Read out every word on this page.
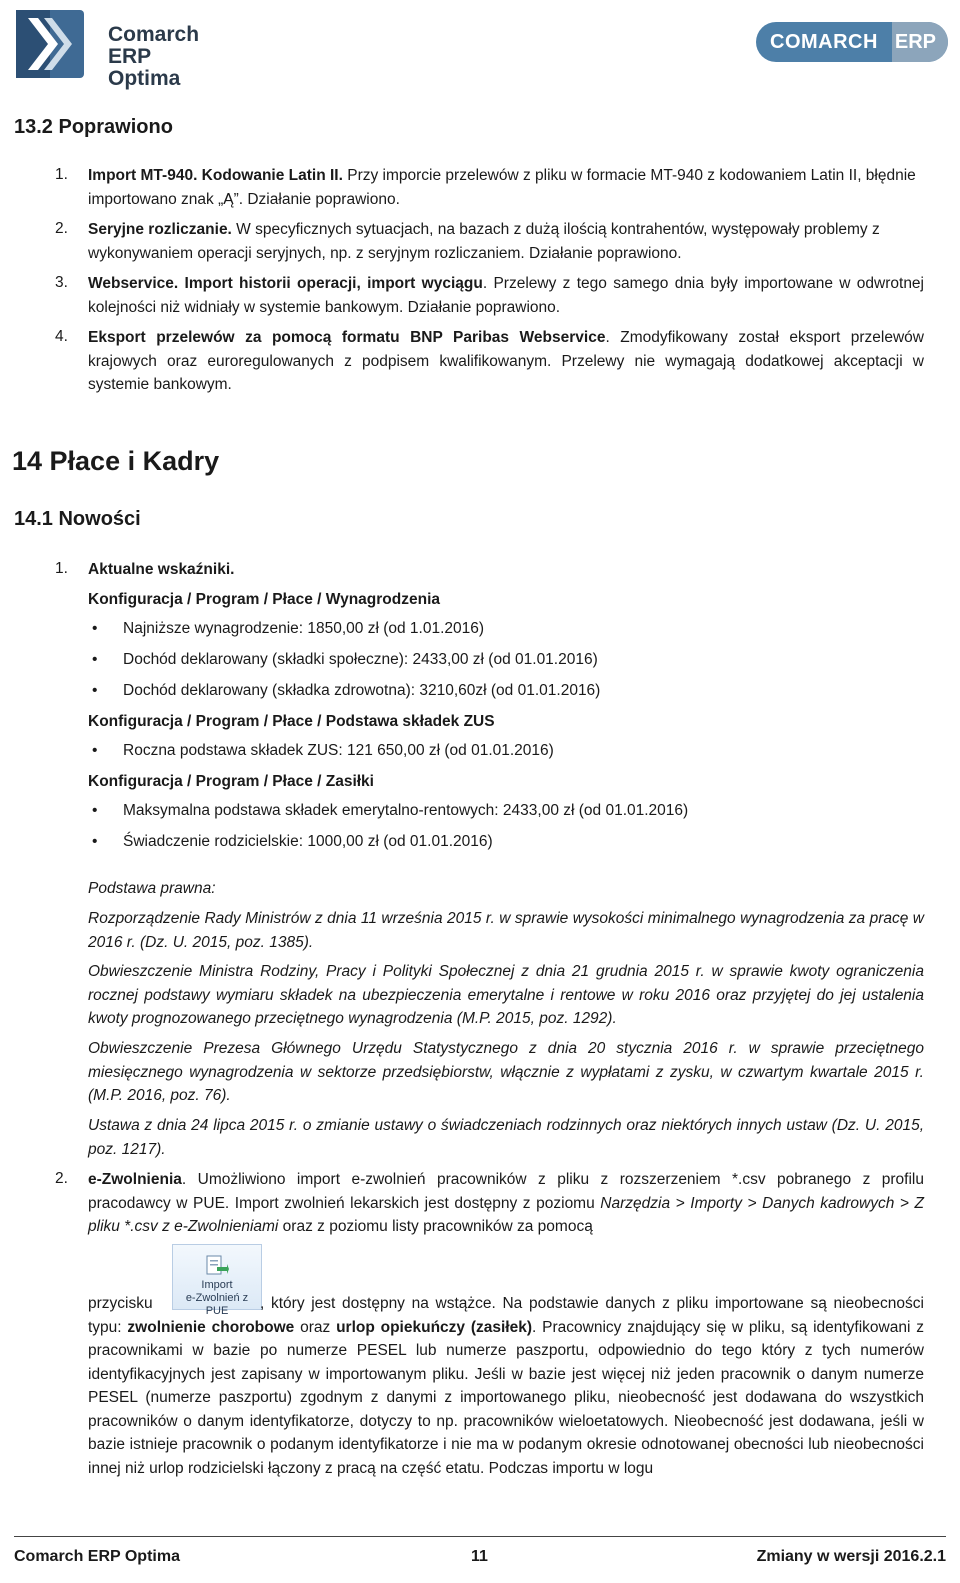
Comarch ERP
Optima
COMARCH ERP
13.2 Poprawiono
1. Import MT-940. Kodowanie Latin II. Przy imporcie przelewów z pliku w formacie MT-940 z kodowaniem Latin II, błędnie importowano znak „Ą”. Działanie poprawiono.
2. Seryjne rozliczanie. W specyficznych sytuacjach, na bazach z dużą ilością kontrahentów, występowały problemy z wykonywaniem operacji seryjnych, np. z seryjnym rozliczaniem. Działanie poprawiono.
3. Webservice. Import historii operacji, import wyciągu. Przelewy z tego samego dnia były importowane w odwrotnej kolejności niż widniały w systemie bankowym. Działanie poprawiono.
4. Eksport przelewów za pomocą formatu BNP Paribas Webservice. Zmodyfikowany został eksport przelewów krajowych oraz euroregulowanych z podpisem kwalifikowanym. Przelewy nie wymagają dodatkowej akceptacji w systemie bankowym.
14 Płace i Kadry
14.1 Nowości
1. Aktualne wskaźniki.
Konfiguracja / Program / Płace / Wynagrodzenia
• Najniższe wynagrodzenie: 1850,00 zł (od 1.01.2016)
• Dochód deklarowany (składki społeczne): 2433,00 zł (od 01.01.2016)
• Dochód deklarowany (składka zdrowotna): 3210,60zł (od 01.01.2016)
Konfiguracja / Program / Płace / Podstawa składek ZUS
• Roczna podstawa składek ZUS: 121 650,00 zł (od 01.01.2016)
Konfiguracja / Program / Płace / Zasiłki
• Maksymalna podstawa składek emerytalno-rentowych: 2433,00 zł (od 01.01.2016)
• Świadczenie rodzicielskie: 1000,00 zł (od 01.01.2016)
Podstawa prawna:
Rozporządzenie Rady Ministrów z dnia 11 września 2015 r. w sprawie wysokości minimalnego wynagrodzenia za pracę w 2016 r. (Dz. U. 2015, poz. 1385).
Obwieszczenie Ministra Rodziny, Pracy i Polityki Społecznej z dnia 21 grudnia 2015 r. w sprawie kwoty ograniczenia rocznej podstawy wymiaru składek na ubezpieczenia emerytalne i rentowe w roku 2016 oraz przyjętej do jej ustalenia kwoty prognozowanego przeciętnego wynagrodzenia (M.P. 2015, poz. 1292).
Obwieszczenie Prezesa Głównego Urzędu Statystycznego z dnia 20 stycznia 2016 r. w sprawie przeciętnego miesięcznego wynagrodzenia w sektorze przedsiębiorstw, włącznie z wypłatami z zysku, w czwartym kwartale 2015 r. (M.P. 2016, poz. 76).
Ustawa z dnia 24 lipca 2015 r. o zmianie ustawy o świadczeniach rodzinnych oraz niektórych innych ustaw (Dz. U. 2015, poz. 1217).
2. e-Zwolnienia. Umożliwiono import e-zwolnień pracowników z pliku z rozszerzeniem *.csv pobranego z profilu pracodawcy w PUE. Import zwolnień lekarskich jest dostępny z poziomu Narzędzia > Importy > Danych kadrowych > Z pliku *.csv z e-Zwolnieniami oraz z poziomu listy pracowników za pomocą
Import
e-Zwolnień z PUE
przycisku	, który jest dostępny na wstążce. Na podstawie danych z pliku importowane są nieobecności typu: zwolnienie chorobowe oraz urlop opiekuńczy (zasiłek). Pracownicy znajdujący się w pliku, są identyfikowani z pracownikami w bazie po numerze PESEL lub numerze paszportu, odpowiednio do tego który z tych numerów identyfikacyjnych jest zapisany w importowanym pliku. Jeśli w bazie jest więcej niż jeden pracownik o danym numerze PESEL (numerze paszportu) zgodnym z danymi z importowanego pliku, nieobecność jest dodawana do wszystkich pracowników o danym identyfikatorze, dotyczy to np. pracowników wieloetatowych. Nieobecność jest dodawana, jeśli w bazie istnieje pracownik o podanym identyfikatorze i nie ma w podanym okresie odnotowanej obecności lub nieobecności innej niż urlop rodzicielski łączony z pracą na część etatu. Podczas importu w logu
Comarch ERP Optima	11	Zmiany w wersji 2016.2.1
